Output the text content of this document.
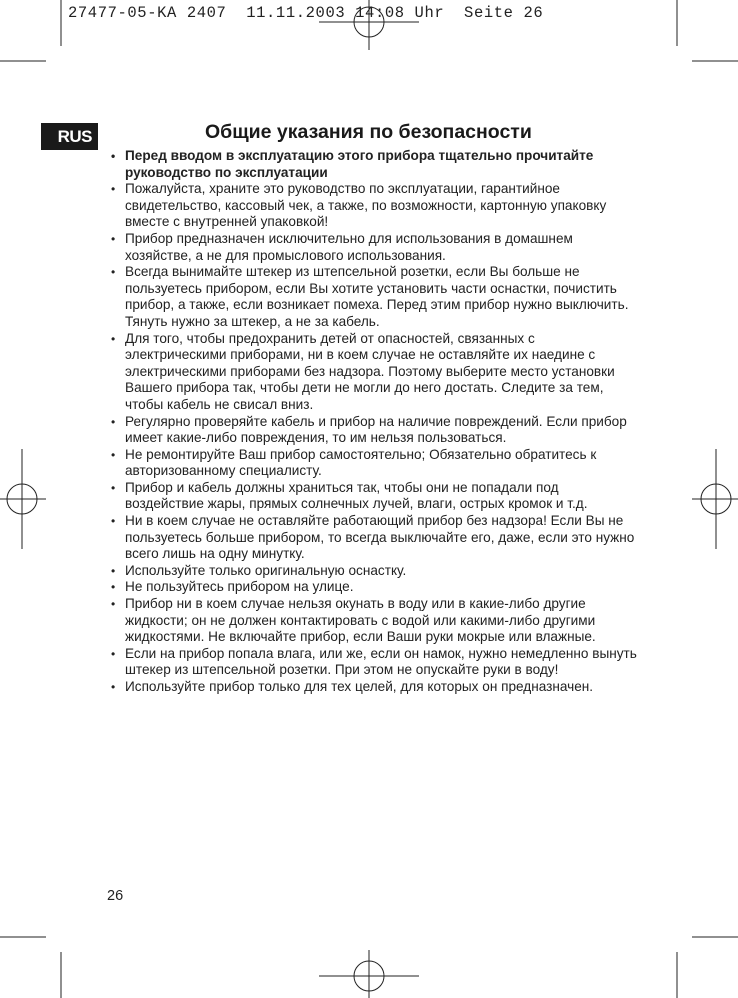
27477-05-KA 2407  11.11.2003 14:08 Uhr  Seite 26
RUS	Общие указания по безопасности
• Перед вводом в эксплуатацию этого прибора тщательно прочитайте руководство по эксплуатации
• Пожалуйста, храните это руководство по эксплуатации, гарантийное свидетельство, кассовый чек, а также, по возможности, картонную упаковку вместе с внутренней упаковкой!
• Прибор предназначен исключительно для использования в домашнем хозяйстве, а не для промыслового использования.
• Всегда вынимайте штекер из штепсельной розетки, если Вы больше не пользуетесь прибором, если Вы хотите установить части оснастки, почистить прибор, а также, если возникает помеха. Перед этим прибор нужно выключить. Тянуть нужно за штекер, а не за кабель.
• Для того, чтобы предохранить детей от опасностей, связанных с электрическими приборами, ни в коем случае не оставляйте их наедине с электрическими приборами без надзора. Поэтому выберите место установки Вашего прибора так, чтобы дети не могли до него достать. Следите за тем, чтобы кабель не свисал вниз.
• Регулярно проверяйте кабель и прибор на наличие повреждений. Если прибор имеет какие-либо повреждения, то им нельзя пользоваться.
• Не ремонтируйте Ваш прибор самостоятельно; Обязательно обратитесь к авторизованному специалисту.
• Прибор и кабель должны храниться так, чтобы они не попадали под воздействие жары, прямых солнечных лучей, влаги, острых кромок и т.д.
• Ни в коем случае не оставляйте работающий прибор без надзора! Если Вы не пользуетесь больше прибором, то всегда выключайте его, даже, если это нужно всего лишь на одну минутку.
• Используйте только оригинальную оснастку.
• Не пользуйтесь прибором на улице.
• Прибор ни в коем случае нельзя окунать в воду или в какие-либо другие жидкости; он не должен контактировать с водой или какими-либо другими жидкостями. Не включайте прибор, если Ваши руки мокрые или влажные.
• Если на прибор попала влага, или же, если он намок, нужно немедленно вынуть штекер из штепсельной розетки. При этом не опускайте руки в воду!
• Используйте прибор только для тех целей, для которых он предназначен.
26
